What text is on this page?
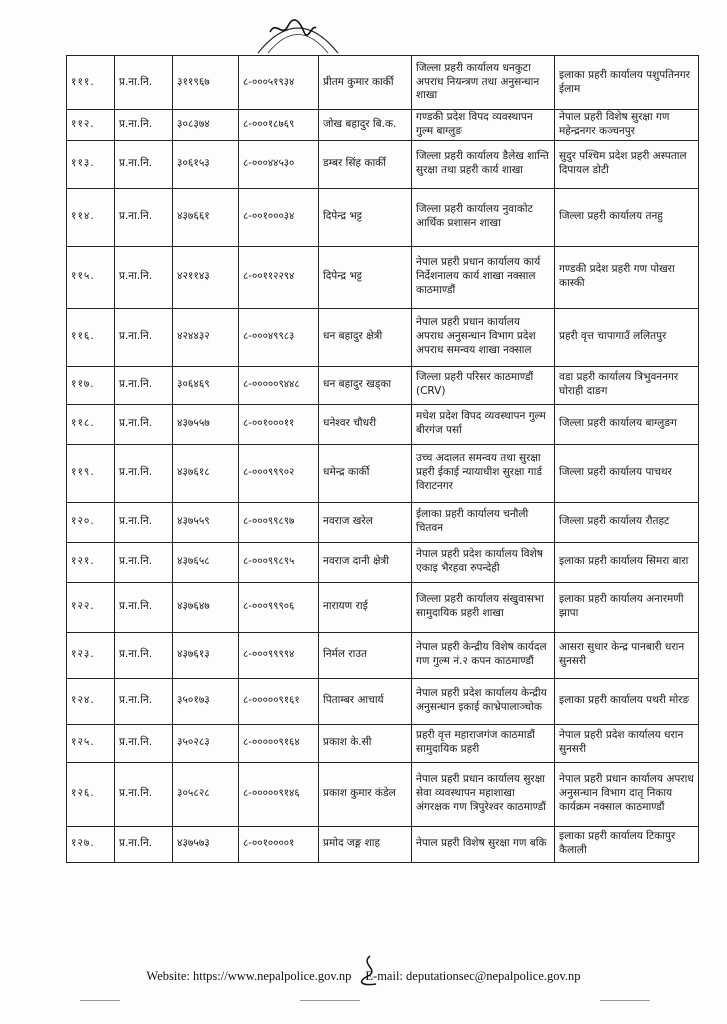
१११.	प्र.ना.नि.	३११९६७	८-०००५१९३४	प्रीतम कुमार कार्की	जिल्ला प्रहरी कार्यालय धनकुटा अपराध नियन्त्रण तथा अनुसन्धान शाखा	इलाका प्रहरी कार्यालय पशुपतिनगर ईलाम
११२.	प्र.ना.नि.	३०८३७४	८-०००१८७६९	जोख बहादुर बि.क.	गण्डकी प्रदेश विपद व्यवस्थापन गुल्म बाग्लुङ	नेपाल प्रहरी विशेष सुरक्षा गण महेन्द्रनगर कञ्चनपुर
११३.	प्र.ना.नि.	३०६१५३	८-०००४४५३०	डम्बर सिंह कार्की	जिल्ला प्रहरी कार्यालय डैलेख शान्ति सुरक्षा तथा प्रहरी कार्य शाखा	सुदुर पश्चिम प्रदेश प्रहरी अस्पताल दिपायल डोटी
११४.	प्र.ना.नि.	४३७६६१	८-००१०००३४	दिपेन्द्र भट्ट	जिल्ला प्रहरी कार्यालय नुवाकोट आर्थिक प्रशासन शाखा	जिल्ला प्रहरी कार्यालय तनहु
११५.	प्र.ना.नि.	४२११४३	८-००११२२९४	दिपेन्द्र भट्ट	नेपाल प्रहरी प्रधान कार्यालय कार्य निर्देशनालय कार्य शाखा नक्साल काठमाण्डौं	गण्डकी प्रदेश प्रहरी गण पोखरा कास्की
११६.	प्र.ना.नि.	४२४४३२	८-०००४९९८३	धन बहादुर क्षेत्री	नेपाल प्रहरी प्रधान कार्यालय अपराध अनुसन्धान विभाग प्रदेश अपराध समन्वय शाखा नक्साल	प्रहरी वृत्त चापागाउँ ललितपुर
११७.	प्र.ना.नि.	३०६४६९	८-०००००९४४८	धन बहादुर खड्का	जिल्ला प्रहरी परिसर काठमाण्डौं (CRV)	वडा प्रहरी कार्यालय त्रिभुवननगर घोराही दाङग
११८.	प्र.ना.नि.	४३७५५७	८-००१०००११	धनेश्वर चौधरी	मधेश प्रदेश विपद व्यवस्थापन गुल्म बीरगंज पर्सा	जिल्ला प्रहरी कार्यालय बाग्लुङग
११९.	प्र.ना.नि.	४३७६१८	८-०००९९९०२	धमेन्द्र कार्की	उच्च अदालत समन्वय तथा सुरक्षा प्रहरी ईकाई न्यायाधीश सुरक्षा गार्ड विराटनगर	जिल्ला प्रहरी कार्यालय पाचथर
१२०.	प्र.ना.नि.	४३७५५९	८-०००९९८९७	नवराज खरेल	ईलाका प्रहरी कार्यालय चनौली चितवन	जिल्ला प्रहरी कार्यालय रौतहट
१२१.	प्र.ना.नि.	४३७६५८	८-०००९९८९५	नवराज दानी क्षेत्री	नेपाल प्रहरी प्रदेश कार्यालय विशेष एकाइ भैरहवा रुपन्देही	इलाका प्रहरी कार्यालय सिमरा बारा
१२२.	प्र.ना.नि.	४३७६४७	८-०००९९९०६	नारायण राई	जिल्ला प्रहरी कार्यालय संखुवासभा सामुदायिक प्रहरी शाखा	इलाका प्रहरी कार्यालय अनारमणी झापा
१२३.	प्र.ना.नि.	४३७६१३	८-०००९९९९४	निर्मल राउत	नेपाल प्रहरी केन्द्रीय विशेष कार्यदल गण गुल्म नं.२ कपन काठमाण्डौं	आसरा सुधार केन्द्र पानबारी धरान सुनसरी
१२४.	प्र.ना.नि.	३५०१७३	८-०००००९१६१	पिताम्बर आचार्य	नेपाल प्रहरी प्रदेश कार्यालय केन्द्रीय अनुसन्धान इकाई काभ्रेपालाञ्चोक	इलाका प्रहरी कार्यालय पथरी मोरङ
१२५.	प्र.ना.नि.	३५०२८३	८-०००००९१६४	प्रकाश के.सी	प्रहरी वृत्त महाराजगंज काठमाडौं सामुदायिक प्रहरी	नेपाल प्रहरी प्रदेश कार्यालय धरान सुनसरी
१२६.	प्र.ना.नि.	३०५८२८	८-०००००९१४६	प्रकाश कुमार कंडेल	नेपाल प्रहरी प्रधान कार्यालय सुरक्षा सेवा व्यवस्थापन महाशाखा अंगरक्षक गण त्रिपुरेश्वर काठमाण्डौं	नेपाल प्रहरी प्रधान कार्यालय अपराध अनुसन्धान विभाग दातृ निकाय कार्यक्रम नक्साल काठमाण्डौं
१२७.	प्र.ना.नि.	४३७५७३	८-००१००००१	प्रमोद जङ्ग शाह	नेपाल प्रहरी विशेष सुरक्षा गण बकि	इलाका प्रहरी कार्यालय टिकापुर कैलाली
Website: https://www.nepalpolice.gov.np E-mail: deputationsec@nepalpolice.gov.np
